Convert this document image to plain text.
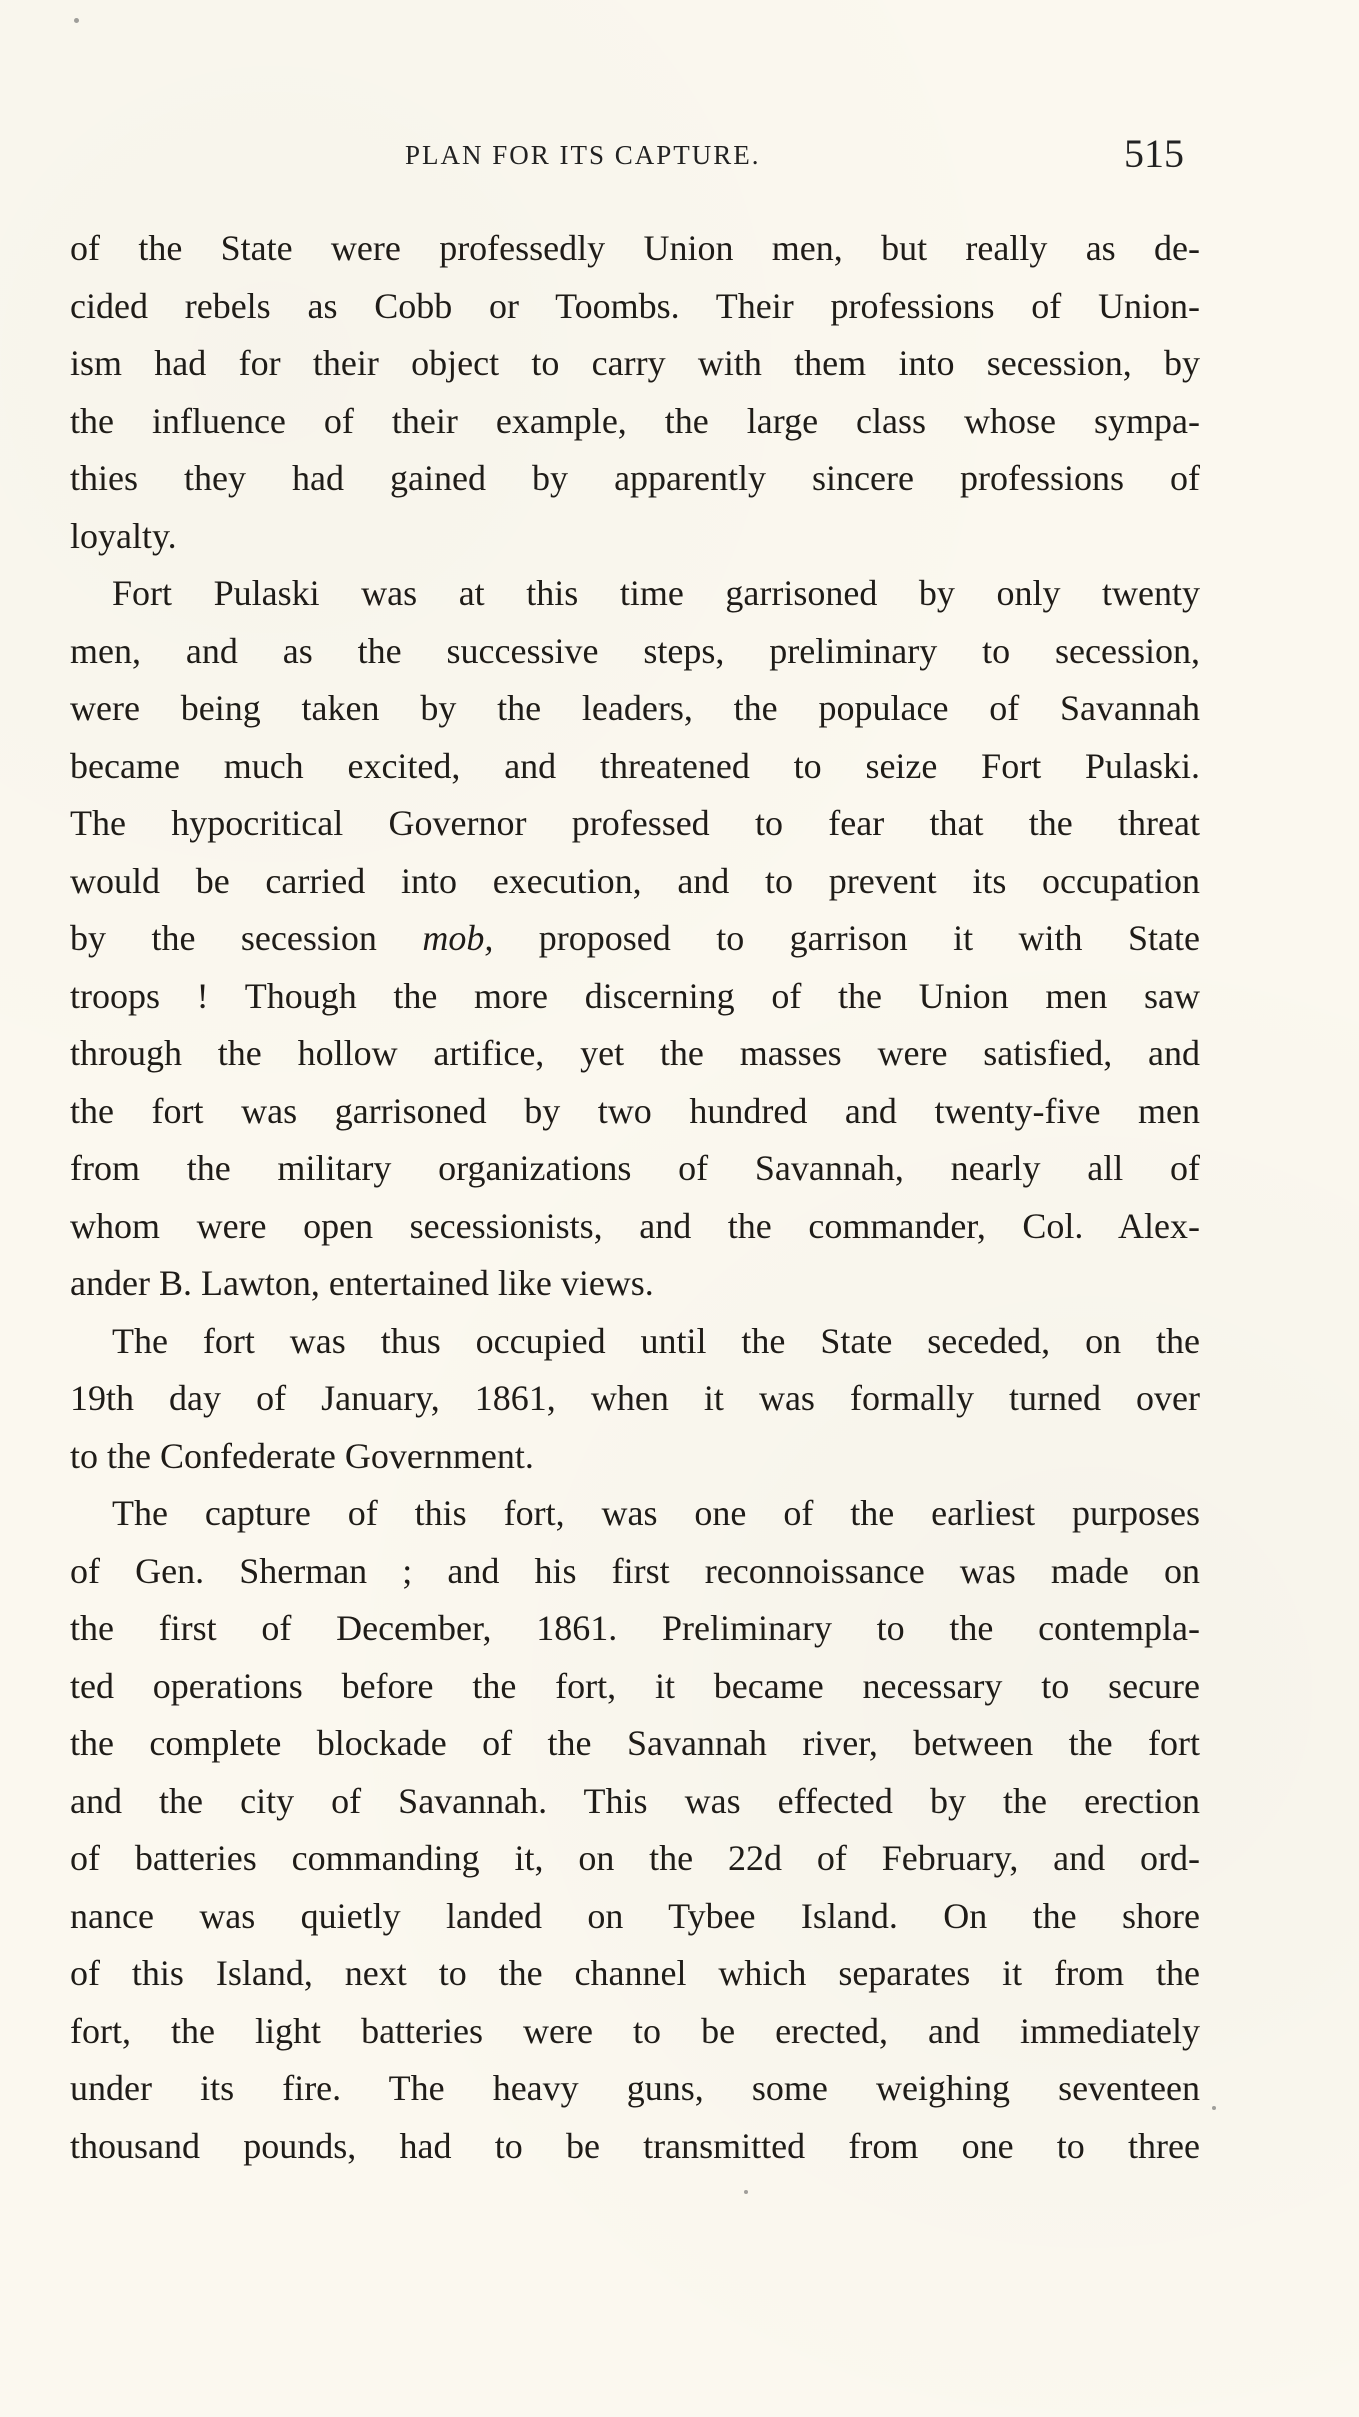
PLAN FOR ITS CAPTURE.	515
of the State were professedly Union men, but really as de-
cided rebels as Cobb or Toombs. Their professions of Union-
ism had for their object to carry with them into secession, by
the influence of their example, the large class whose sympa-
thies they had gained by apparently sincere professions of
loyalty.
Fort Pulaski was at this time garrisoned by only twenty
men, and as the successive steps, preliminary to secession,
were being taken by the leaders, the populace of Savannah
became much excited, and threatened to seize Fort Pulaski.
The hypocritical Governor professed to fear that the threat
would be carried into execution, and to prevent its occupation
by the secession mob, proposed to garrison it with State
troops ! Though the more discerning of the Union men saw
through the hollow artifice, yet the masses were satisfied, and
the fort was garrisoned by two hundred and twenty-five men
from the military organizations of Savannah, nearly all of
whom were open secessionists, and the commander, Col. Alex-
ander B. Lawton, entertained like views.
The fort was thus occupied until the State seceded, on the
19th day of January, 1861, when it was formally turned over
to the Confederate Government.
The capture of this fort, was one of the earliest purposes
of Gen. Sherman ; and his first reconnoissance was made on
the first of December, 1861. Preliminary to the contempla-
ted operations before the fort, it became necessary to secure
the complete blockade of the Savannah river, between the fort
and the city of Savannah. This was effected by the erection
of batteries commanding it, on the 22d of February, and ord-
nance was quietly landed on Tybee Island. On the shore
of this Island, next to the channel which separates it from the
fort, the light batteries were to be erected, and immediately
under its fire. The heavy guns, some weighing seventeen
thousand pounds, had to be transmitted from one to three
